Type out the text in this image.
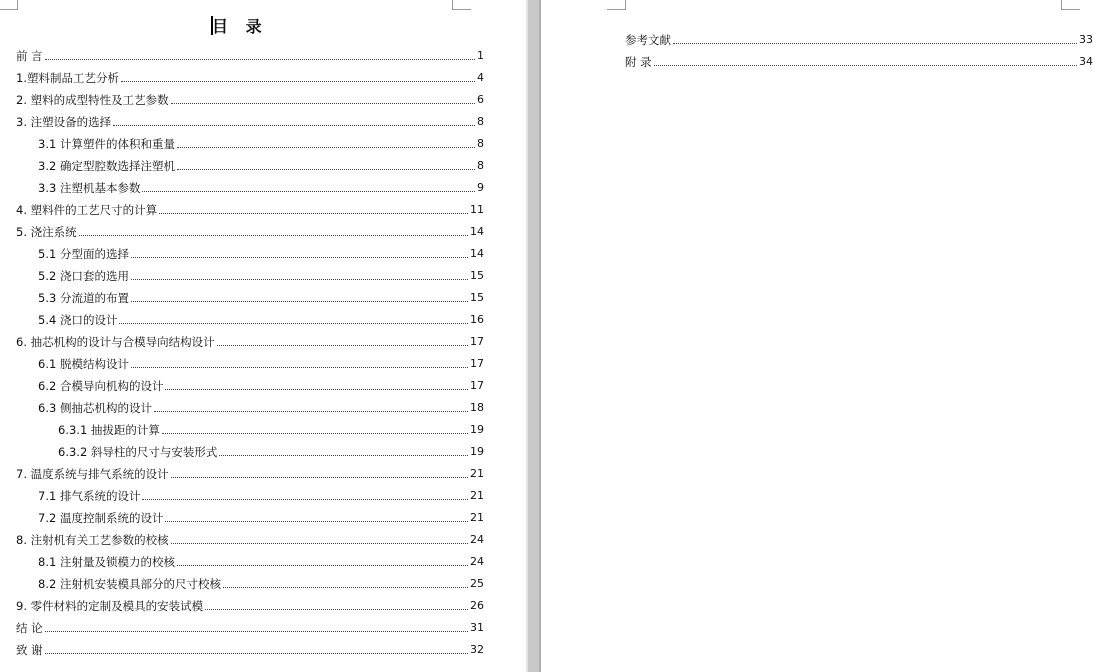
目 录
前 言	1
1.塑料制品工艺分析	4
2. 塑料的成型特性及工艺参数	6
3. 注塑设备的选择	8
3.1 计算塑件的体积和重量	8
3.2 确定型腔数选择注塑机	8
3.3 注塑机基本参数	9
4. 塑料件的工艺尺寸的计算	11
5. 浇注系统	14
5.1 分型面的选择	14
5.2 浇口套的选用	15
5.3 分流道的布置	15
5.4 浇口的设计	16
6. 抽芯机构的设计与合模导向结构设计	17
6.1 脱模结构设计	17
6.2 合模导向机构的设计	17
6.3 侧抽芯机构的设计	18
6.3.1 抽拔距的计算	19
6.3.2 斜导柱的尺寸与安装形式	19
7. 温度系统与排气系统的设计	21
7.1 排气系统的设计	21
7.2 温度控制系统的设计	21
8. 注射机有关工艺参数的校核	24
8.1 注射量及锁模力的校核	24
8.2 注射机安装模具部分的尺寸校核	25
9. 零件材料的定制及模具的安装试模	26
结 论	31
致 谢	32
参考文献	33
附 录	34
